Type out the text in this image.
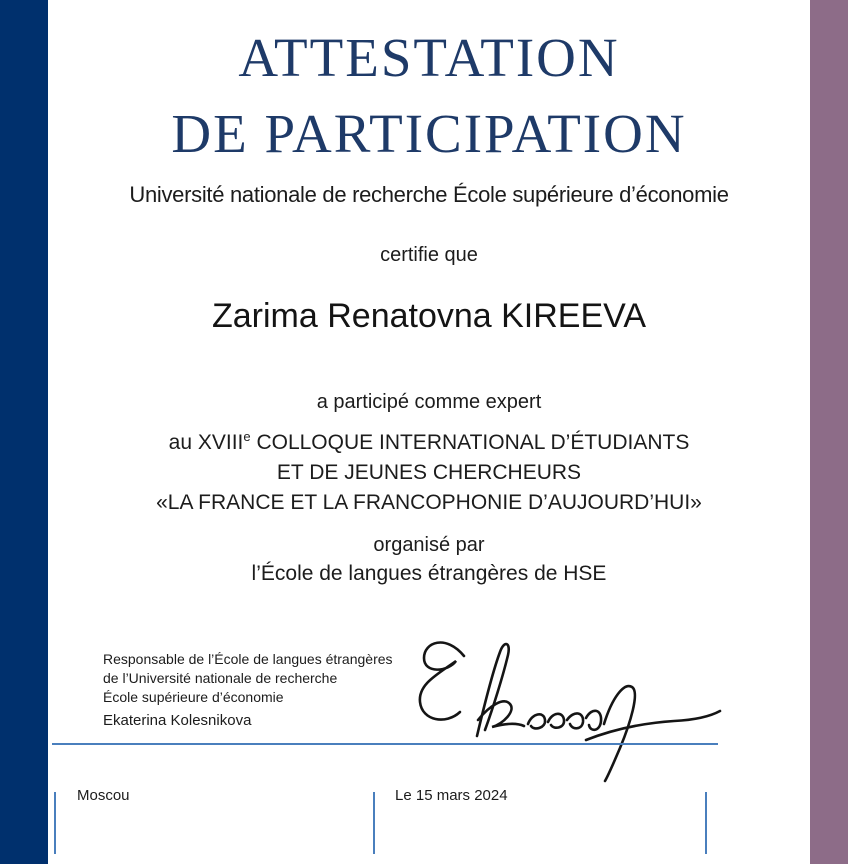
ATTESTATION
DE PARTICIPATION
Université nationale de recherche École supérieure d’économie
certifie que
Zarima Renatovna KIREEVA
a participé comme expert
au XVIIIe COLLOQUE INTERNATIONAL D’ÉTUDIANTS
ET DE JEUNES CHERCHEURS
«LA FRANCE ET LA FRANCOPHONIE D’AUJOURD’HUI»
organisé par
l’École de langues étrangères de HSE
Responsable de l’École de langues étrangères
de l’Université nationale de recherche
École supérieure d’économie
Ekaterina Kolesnikova
Moscou	Le 15 mars 2024
